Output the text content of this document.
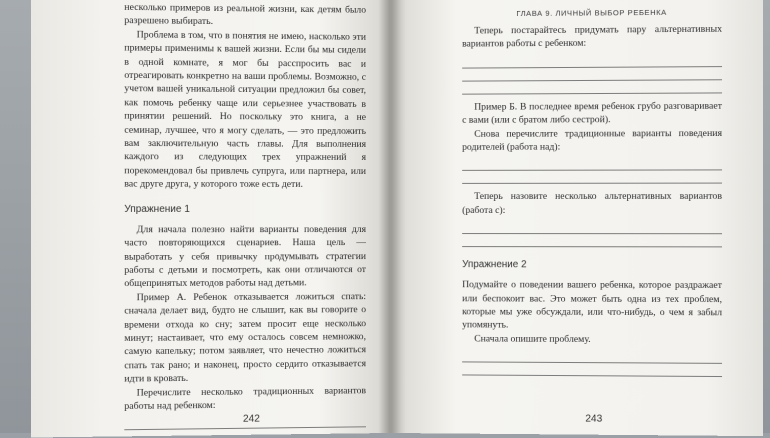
несколько примеров из реальной жизни, как детям было разрешено выбирать.

Проблема в том, что в понятия не имею, насколько эти примеры применимы к вашей жизни. Если бы мы сидели в одной комнате, я мог бы расспросить вас и отреагировать конкретно на ваши проблемы. Возможно, с учетом вашей уникальной ситуации предложил бы совет, как помочь ребенку чаще или серьезнее участвовать в принятии решений. Но поскольку это книга, а не семинар, лучшее, что я могу сделать, — это предложить вам заключительную часть главы. Для выполнения каждого из следующих трех упражнений я порекомендовал бы привлечь супруга, или партнера, или вас друге друга, у которого тоже есть дети.

Упражнение 1

Для начала полезно найти варианты поведения для часто повторяющихся сценариев. Наша цель — выработать у себя привычку продумывать стратегии работы с детьми и посмотреть, как они отличаются от общепринятых методов работы над детьми.

Пример А. Ребенок отказывается ложиться спать: сначала делает вид, будто не слышит, как вы говорите о времени отхода ко сну; затем просит еще несколько минут; настаивает, что ему осталось совсем немножко, самую капельку; потом заявляет, что нечестно ложиться спать так рано; и наконец, просто сердито отказывается идти в кровать.

Перечислите несколько традиционных вариантов работы над ребенком:

242
ГЛАВА 9. ЛИЧНЫЙ ВЫБОР РЕБЕНКА

Теперь постарайтесь придумать пару альтернативных вариантов работы с ребенком:

Пример Б. В последнее время ребенок грубо разговаривает с вами (или с братом либо сестрой).

Снова перечислите традиционные варианты поведения родителей (работа над):

Теперь назовите несколько альтернативных вариантов (работа с):

Упражнение 2

Подумайте о поведении вашего ребенка, которое раздражает или беспокоит вас. Это может быть одна из тех проблем, которые мы уже обсуждали, или что-нибудь, о чем я забыл упомянуть.

Сначала опишите проблему.

243
